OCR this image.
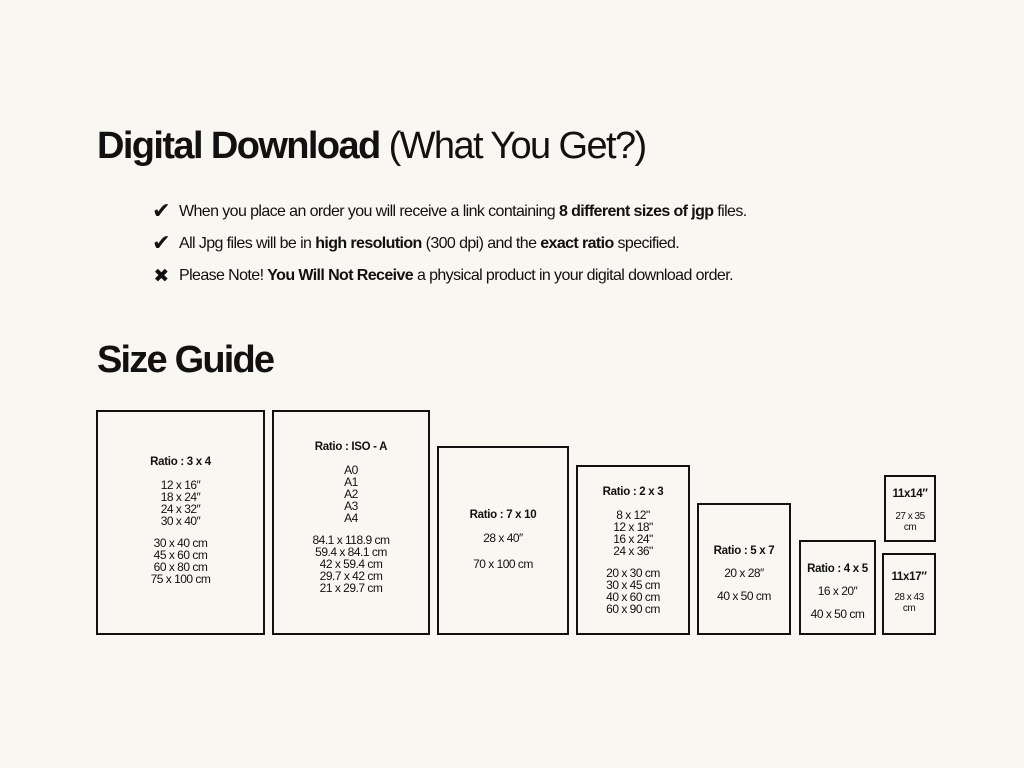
Digital Download (What You Get?)
✔ When you place an order you will receive a link containing 8 different sizes of jgp files.
✔ All Jpg files will be in high resolution (300 dpi) and the exact ratio specified.
✖ Please Note! You Will Not Receive a physical product in your digital download order.
Size Guide
Ratio : 3 x 4
12 x 16″
18 x 24″
24 x 32″
30 x 40″
30 x 40 cm
45 x 60 cm
60 x 80 cm
75 x 100 cm
Ratio : ISO - A
A0
A1
A2
A3
A4
84.1 x 118.9 cm
59.4 x 84.1 cm
42 x 59.4 cm
29.7 x 42 cm
21 x 29.7 cm
Ratio : 7 x 10
28 x 40″
70 x 100 cm
Ratio : 2 x 3
8 x 12"
12 x 18"
16 x 24"
24 x 36"
20 x 30 cm
30 x 45 cm
40 x 60 cm
60 x 90 cm
Ratio : 5 x 7
20 x 28″
40 x 50 cm
Ratio : 4 x 5
16 x 20″
40 x 50 cm
11x14″
27 x 35
cm
11x17″
28 x 43
cm
